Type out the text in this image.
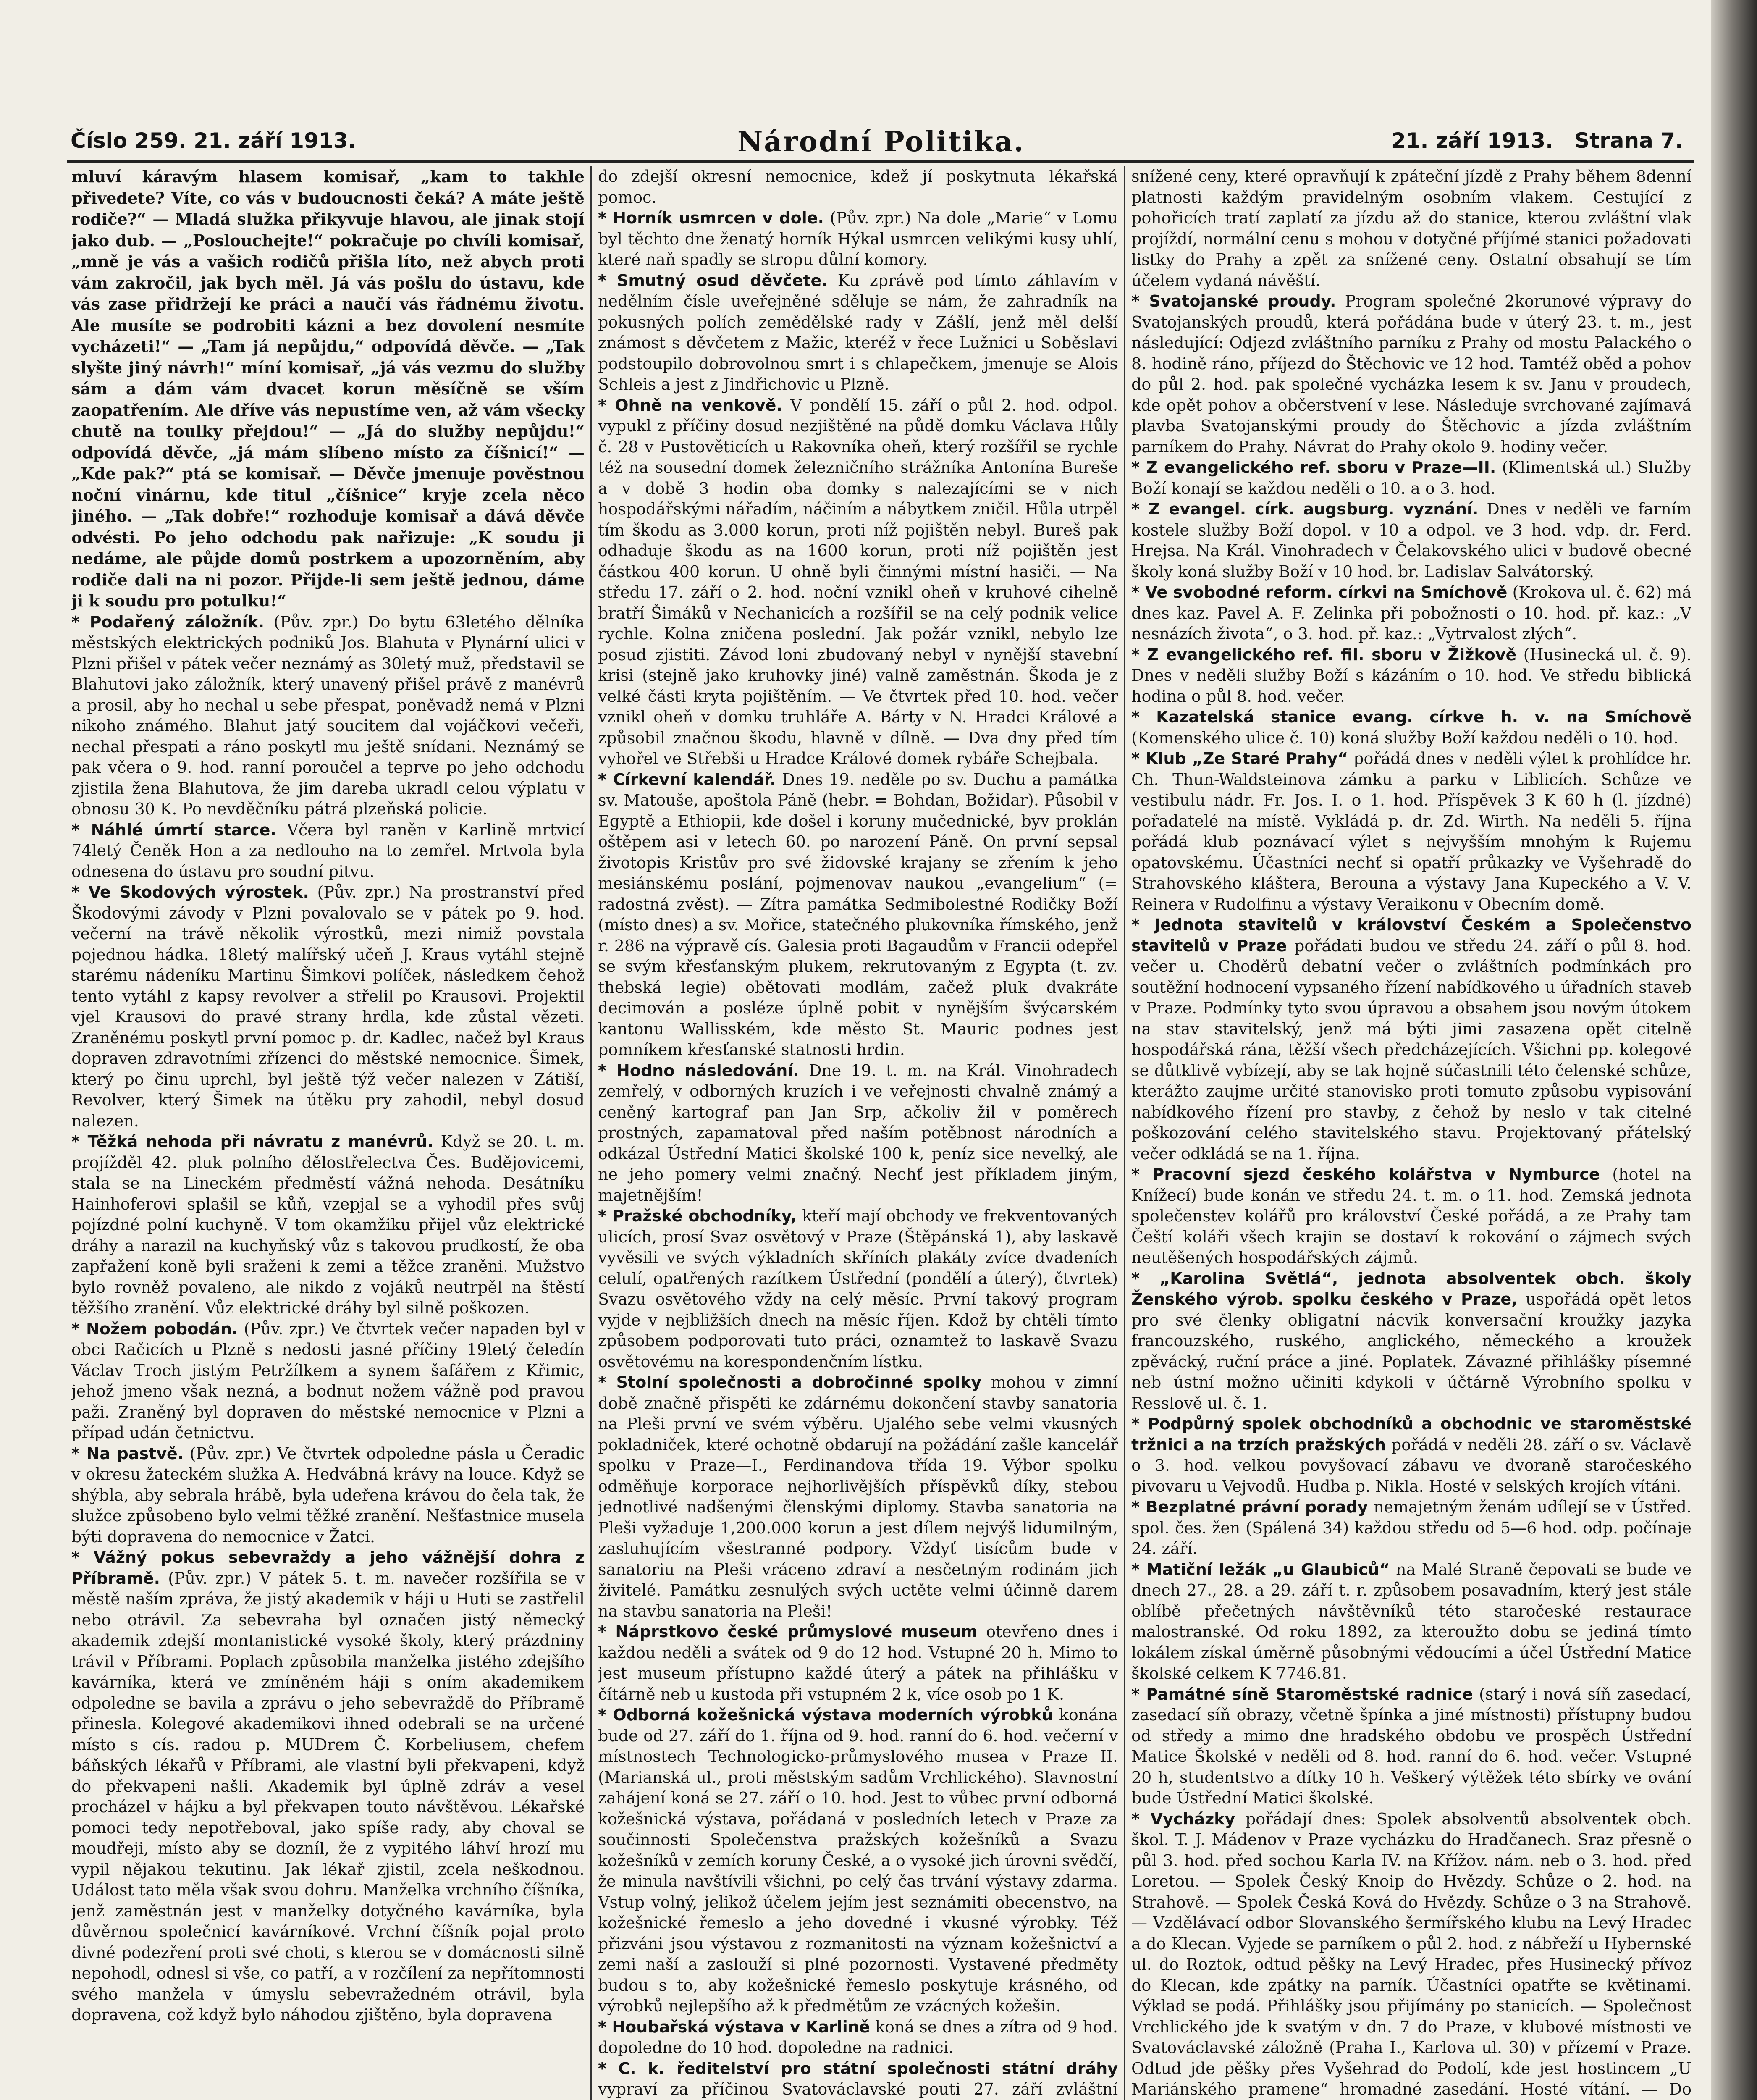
Číslo 259. 21. září 1913.	Národní Politika.	21. září 1913. Strana 7.

mluví káravým hlasem komisař, „kam to takhle přivedete? Víte, co vás v budoucnosti čeká? A máte ještě rodiče?“ — Mladá služka přikyvuje hlavou, ale jinak stojí jako dub. — „Poslouchejte!“ pokračuje po chvíli komisař, „mně je vás a vašich rodičů přišla líto, než abych proti vám zakročil, jak bych měl. Já vás pošlu do ústavu, kde vás zase přidržejí ke práci a naučí vás řádnému životu. Ale musíte se podrobiti kázni a bez dovolení nesmíte vycházeti!“ — „Tam já nepůjdu,“ odpovídá děvče. — „Tak slyšte jiný návrh!“ míní komisař, „já vás vezmu do služby sám a dám vám dvacet korun měsíčně se vším zaopatřením. Ale dříve vás nepustíme ven, až vám všecky chutě na toulky přejdou!“ — „Já do služby nepůjdu!“ odpovídá děvče, „já mám slíbeno místo za číšnicí!“ — „Kde pak?“ ptá se komisař. — Děvče jmenuje pověstnou noční vinárnu, kde titul „číšnice“ kryje zcela něco jiného. — „Tak dobře!“ rozhoduje komisař a dává děvče odvésti. Po jeho odchodu pak nařizuje: „K soudu ji nedáme, ale půjde domů postrkem a upozorněním, aby rodiče dali na ni pozor. Přijde-li sem ještě jednou, dáme ji k soudu pro potulku!“

* Podařený záložník. (Pův. zpr.) Do bytu 63letého dělníka městských elektrických podniků Jos. Blahuta v Plynární ulici v Plzni přišel v pátek večer neznámý as 30letý muž, představil se Blahutovi jako záložník, který unavený přišel právě z manévrů a prosil, aby ho nechal u sebe přespat, poněvadž nemá v Plzni nikoho známého. Blahut jatý soucitem dal vojáčkovi večeři, nechal přespati a ráno poskytl mu ještě snídani. Neznámý se pak včera o 9. hod. ranní poroučel a teprve po jeho odchodu zjistila žena Blahutova, že jim dareba ukradl celou výplatu v obnosu 30 K. Po nevděčníku pátrá plzeňská policie.

* Náhlé úmrtí starce. Včera byl raněn v Karlině mrtvicí 74letý Čeněk Hon a za nedlouho na to zemřel. Mrtvola byla odnesena do ústavu pro soudní pitvu.

* Ve Skodových výrostek. (Pův. zpr.) Na prostranství před Škodovými závody v Plzni povalovalo se v pátek po 9. hod. večerní na trávě několik výrostků, mezi nimiž povstala pojednou hádka. 18letý malířský učeň J. Kraus vytáhl stejně starému nádeníku Martinu Šimkovi políček, následkem čehož tento vytáhl z kapsy revolver a střelil po Krausovi. Projektil vjel Krausovi do pravé strany hrdla, kde zůstal vězeti. Zraněnému poskytl první pomoc p. dr. Kadlec, načež byl Kraus dopraven zdravotními zřízenci do městské nemocnice. Šimek, který po činu uprchl, byl ještě týž večer nalezen v Zátiší, Revolver, který Šimek na útěku pry zahodil, nebyl dosud nalezen.

* Těžká nehoda při návratu z manévrů. Když se 20. t. m. projížděl 42. pluk polního dělostřelectva Čes. Budějovicemi, stala se na Lineckém předměstí vážná nehoda. Desátníku Hainhoferovi splašil se kůň, vzepjal se a vyhodil přes svůj pojízdné polní kuchyně. V tom okamžiku přijel vůz elektrické dráhy a narazil na kuchyňský vůz s takovou prudkostí, že oba zapřažení koně byli sraženi k zemi a těžce zraněni. Mužstvo bylo rovněž povaleno, ale nikdo z vojáků neutrpěl na štěstí těžšího zranění. Vůz elektrické dráhy byl silně poškozen.

* Nožem pobodán. (Pův. zpr.) Ve čtvrtek večer napaden byl v obci Račicích u Plzně s nedosti jasné příčiny 19letý čeledín Václav Troch jistým Petržílkem a synem šafářem z Křimic, jehož jmeno však nezná, a bodnut nožem vážně pod pravou paži. Zraněný byl dopraven do městské nemocnice v Plzni a případ udán četnictvu.

* Na pastvě. (Pův. zpr.) Ve čtvrtek odpoledne pásla u Čeradic v okresu žateckém služka A. Hedvábná krávy na louce. Když se shýbla, aby sebrala hrábě, byla udeřena krávou do čela tak, že služce způsobeno bylo velmi těžké zranění. Nešťastnice musela býti dopravena do nemocnice v Žatci.

* Vážný pokus sebevraždy a jeho vážnější dohra z Příbramě. (Pův. zpr.) V pátek 5. t. m. navečer rozšířila se v městě naším zpráva, že jistý akademik v háji u Huti se zastřelil nebo otrávil. Za sebevraha byl označen jistý německý akademik zdejší montanistické vysoké školy, který prázdniny trávil v Příbrami. Poplach způsobila manželka jistého zdejšího kavárníka, která ve zmíněném háji s oním akademikem odpoledne se bavila a zprávu o jeho sebevraždě do Příbramě přinesla. Kolegové akademikovi ihned odebrali se na určené místo s cís. radou p. MUDrem Č. Korbeliusem, chefem báňských lékařů v Příbrami, ale vlastní byli překvapeni, když do překvapeni našli. Akademik byl úplně zdráv a vesel procházel v hájku a byl překvapen touto návštěvou. Lékařské pomoci tedy nepotřeboval, jako spíše rady, aby choval se moudřeji, místo aby se dozníl, že z vypitého láhví hrozí mu vypil nějakou tekutinu. Jak lékař zjistil, zcela neškodnou. Událost tato měla však svou dohru. Manželka vrchního číšníka, jenž zaměstnán jest v manželky dotyčného kavárníka, byla důvěrnou společnicí kavárníkové. Vrchní číšník pojal proto divné podezření proti své choti, s kterou se v domácnosti silně nepohodl, odnesl si vše, co patří, a v rozčílení za nepřítomnosti svého manžela v úmyslu sebevražedném otrávil, byla dopravena, což když bylo náhodou zjištěno, byla dopravena

do zdejší okresní nemocnice, kdež jí poskytnuta lékařská pomoc.

* Horník usmrcen v dole. (Pův. zpr.) Na dole „Marie“ v Lomu byl těchto dne ženatý horník Hýkal usmrcen velikými kusy uhlí, které naň spadly se stropu důlní komory.

* Smutný osud děvčete. Ku zprávě pod tímto záhlavím v nedělním čísle uveřejněné sděluje se nám, že zahradník na pokusných polích zemědělské rady v Zášlí, jenž měl delší známost s děvčetem z Mažic, kteréž v řece Lužnici u Soběslavi podstoupilo dobrovolnou smrt i s chlapečkem, jmenuje se Alois Schleis a jest z Jindřichovic u Plzně.

* Ohně na venkově. V pondělí 15. září o půl 2. hod. odpol. vypukl z příčiny dosud nezjištěné na půdě domku Václava Hůly č. 28 v Pustověticích u Rakovníka oheň, který rozšířil se rychle též na sousední domek železničního strážníka Antonína Bureše a v době 3 hodin oba domky s nalezajícími se v nich hospodářskými nářadím, náčiním a nábytkem zničil. Hůla utrpěl tím škodu as 3.000 korun, proti níž pojištěn nebyl. Bureš pak odhaduje škodu as na 1600 korun, proti níž pojištěn jest částkou 400 korun. U ohně byli činnými místní hasiči. — Na středu 17. září o 2. hod. noční vznikl oheň v kruhové cihelně bratří Šimáků v Nechanicích a rozšířil se na celý podnik velice rychle. Kolna zničena poslední. Jak požár vznikl, nebylo lze posud zjistiti. Závod loni zbudovaný nebyl v nynější stavební krisi (stejně jako kruhovky jiné) valně zaměstnán. Škoda je z velké části kryta pojištěním. — Ve čtvrtek před 10. hod. večer vznikl oheň v domku truhláře A. Bárty v N. Hradci Králové a způsobil značnou škodu, hlavně v dílně. — Dva dny před tím vyhořel ve Střebši u Hradce Králové domek rybáře Schejbala.

* Církevní kalendář. Dnes 19. neděle po sv. Duchu a památka sv. Matouše, apoštola Páně (hebr. = Bohdan, Božidar). Působil v Egyptě a Ethiopii, kde došel i koruny mučednické, byv proklán oštěpem asi v letech 60. po narození Páně. On první sepsal životopis Kristův pro své židovské krajany se zřením k jeho mesiánskému poslání, pojmenovav naukou „evangelium“ (= radostná zvěst). — Zítra památka Sedmibolestné Rodičky Boží (místo dnes) a sv. Mořice, statečného plukovníka římského, jenž r. 286 na výpravě cís. Galesia proti Bagaudům v Francii odepřel se svým křesťanským plukem, rekrutovaným z Egypta (t. zv. thebská legie) obětovati modlám, začež pluk dvakráte decimován a posléze úplně pobit v nynějším švýcarském kantonu Wallisském, kde město St. Mauric podnes jest pomníkem křesťanské statnosti hrdin.

* Hodno následování. Dne 19. t. m. na Král. Vinohradech zemřelý, v odborných kruzích i ve veřejnosti chvalně známý a ceněný kartograf pan Jan Srp, ačkoliv žil v poměrech prostných, zapamatoval před naším potěbnost národních a odkázal Ústřední Matici školské 100 k, peníz sice nevelký, ale ne jeho pomery velmi značný. Nechť jest příkladem jiným, majetnějším!

* Pražské obchodníky, kteří mají obchody ve frekventovaných ulicích, prosí Svaz osvětový v Praze (Štěpánská 1), aby laskavě vyvěsili ve svých výkladních skříních plakáty zvíce dvadeních celulí, opatřených razítkem Ústřední (pondělí a úterý), čtvrtek) Svazu osvětového vždy na celý měsíc. První takový program vyjde v nejbližších dnech na měsíc říjen. Kdož by chtěli tímto způsobem podporovati tuto práci, oznamtež to laskavě Svazu osvětovému na korespondenčním lístku.

* Stolní společnosti a dobročinné spolky mohou v zimní době značně přispěti ke zdárnému dokončení stavby sanatoria na Pleši první ve svém výběru. Ujalého sebe velmi vkusných pokladniček, které ochotně obdarují na požádání zašle kancelář spolku v Praze—I., Ferdinandova třída 19. Výbor spolku odměňuje korporace nejhorlivějších příspěvků díky, stebou jednotlivé nadšenými členskými diplomy. Stavba sanatoria na Pleši vyžaduje 1,200.000 korun a jest dílem nejvýš lidumilným, zasluhujícím všestranné podpory. Vždyť tisícům bude v sanatoriu na Pleši vráceno zdraví a nesčetným rodinám jich živitelé. Památku zesnulých svých uctěte velmi účinně darem na stavbu sanatoria na Pleši!

* Náprstkovo české průmyslové museum otevřeno dnes i každou neděli a svátek od 9 do 12 hod. Vstupné 20 h. Mimo to jest museum přístupno každé úterý a pátek na přihlášku v čítárně neb u kustoda při vstupném 2 k, více osob po 1 K.

* Odborná kožešnická výstava moderních výrobků konána bude od 27. září do 1. října od 9. hod. ranní do 6. hod. večerní v místnostech Technologicko-průmyslového musea v Praze II. (Marianská ul., proti městským sadům Vrchlického). Slavnostní zahájení koná se 27. září o 10. hod. Jest to vůbec první odborná kožešnická výstava, pořádaná v posledních letech v Praze za součinnosti Společenstva pražských kožešníků a Svazu kožešníků v zemích koruny České, a o vysoké jich úrovni svědčí, že minula navštívili všichni, po celý čas trvání výstavy zdarma. Vstup volný, jelikož účelem jejím jest seznámiti obecenstvo, na kožešnické řemeslo a jeho dovedné i vkusné výrobky. Též přizváni jsou výstavou z rozmanitosti na význam kožešnictví a zemi naší a zaslouží si plné pozornosti. Vystavené předměty budou s to, aby kožešnické řemeslo poskytuje krásného, od výrobků nejlepšího až k předmětům ze vzácných kožešin.

* Houbařská výstava v Karlině koná se dnes a zítra od 9 hod. dopoledne do 10 hod. dopoledne na radnici.

* C. k. ředitelství pro státní společnosti státní dráhy vypraví za příčinou Svatováclavské pouti 27. září zvláštní

snížené ceny, které opravňují k zpáteční jízdě z Prahy během 8denní platnosti každým pravidelným osobním vlakem. Cestující z pohořicích tratí zaplatí za jízdu až do stanice, kterou zvláštní vlak projíždí, normální cenu s mohou v dotyčné příjímé stanici požadovati listky do Prahy a zpět za snížené ceny. Ostatní obsahují se tím účelem vydaná návěští.

* Svatojanské proudy. Program společné 2korunové výpravy do Svatojanských proudů, která pořádána bude v úterý 23. t. m., jest následující: Odjezd zvláštního parníku z Prahy od mostu Palackého o 8. hodině ráno, příjezd do Štěchovic ve 12 hod. Tamtéž oběd a pohov do půl 2. hod. pak společné vycházka lesem k sv. Janu v proudech, kde opět pohov a občerstvení v lese. Následuje svrchované zajímavá plavba Svatojanskými proudy do Štěchovic a jízda zvláštním parníkem do Prahy. Návrat do Prahy okolo 9. hodiny večer.

* Z evangelického ref. sboru v Praze—II. (Klimentská ul.) Služby Boží konají se každou neděli o 10. a o 3. hod.

* Z evangel. círk. augsburg. vyznání. Dnes v neděli ve farním kostele služby Boží dopol. v 10 a odpol. ve 3 hod. vdp. dr. Ferd. Hrejsa. Na Král. Vinohradech v Čelakovského ulici v budově obecné školy koná služby Boží v 10 hod. br. Ladislav Salvátorský.

* Ve svobodné reform. církvi na Smíchově (Krokova ul. č. 62) má dnes kaz. Pavel A. F. Zelinka při pobožnosti o 10. hod. př. kaz.: „V nesnázích života“, o 3. hod. př. kaz.: „Vytrvalost zlých“.

* Z evangelického ref. fil. sboru v Žižkově (Husinecká ul. č. 9). Dnes v neděli služby Boží s kázáním o 10. hod. Ve středu biblická hodina o půl 8. hod. večer.

* Kazatelská stanice evang. církve h. v. na Smíchově (Komenského ulice č. 10) koná služby Boží každou neděli o 10. hod.

* Klub „Ze Staré Prahy“ pořádá dnes v neděli výlet k prohlídce hr. Ch. Thun-Waldsteinova zámku a parku v Liblicích. Schůze ve vestibulu nádr. Fr. Jos. I. o 1. hod. Příspěvek 3 K 60 h (l. jízdné) pořadatelé na místě. Vykládá p. dr. Zd. Wirth. Na neděli 5. října pořádá klub poznávací výlet s nejvyšším mnohým k Rujemu opatovskému. Účastníci nechť si opatří průkazky ve Vyšehradě do Strahovského kláštera, Berouna a výstavy Jana Kupeckého a V. V. Reinera v Rudolfinu a výstavy Veraikonu v Obecním domě.

* Jednota stavitelů v království Českém a Společenstvo stavitelů v Praze pořádati budou ve středu 24. září o půl 8. hod. večer u. Choděrů debatní večer o zvláštních podmínkách pro soutěžní hodnocení vypsaného řízení nabídkového u úřadních staveb v Praze. Podmínky tyto svou úpravou a obsahem jsou novým útokem na stav stavitelský, jenž má býti jimi zasazena opět citelně hospodářská rána, těžší všech předcházejících. Všichni pp. kolegové se důtklivě vybízejí, aby se tak hojně súčastnili této čelenské schůze, kterážto zaujme určité stanovisko proti tomuto způsobu vypisování nabídkového řízení pro stavby, z čehož by neslo v tak citelné poškozování celého stavitelského stavu. Projektovaný přátelský večer odkládá se na 1. října.

* Pracovní sjezd českého kolářstva v Nymburce (hotel na Knížecí) bude konán ve středu 24. t. m. o 11. hod. Zemská jednota společenstev kolářů pro království České pořádá, a ze Prahy tam Čeští koláři všech krajin se dostaví k rokování o zájmech svých neutěšených hospodářských zájmů.

* „Karolina Světlá“, jednota absolventek obch. školy Ženského výrob. spolku českého v Praze, uspořádá opět letos pro své členky obligatní nácvik konversační kroužky jazyka francouzského, ruského, anglického, německého a kroužek zpěvácký, ruční práce a jiné. Poplatek. Závazné přihlášky písemné neb ústní možno učiniti kdykoli v účtárně Výrobního spolku v Resslově ul. č. 1.

* Podpůrný spolek obchodníků a obchodnic ve staroměstské tržnici a na trzích pražských pořádá v neděli 28. září o sv. Václavě o 3. hod. velkou povyšovací zábavu ve dvoraně staročeského pivovaru u Vejvodů. Hudba p. Nikla. Hosté v selských krojích vítáni.

* Bezplatné právní porady nemajetným ženám udílejí se v Ústřed. spol. čes. žen (Spálená 34) každou středu od 5—6 hod. odp. počínaje 24. září.

* Matiční ležák „u Glaubiců“ na Malé Straně čepovati se bude ve dnech 27., 28. a 29. září t. r. způsobem posavadním, který jest stále oblíbě přečetných návštěvníků této staročeské restaurace malostranské. Od roku 1892, za kteroužto dobu se jediná tímto lokálem získal úměrně působnými vědoucími a účel Ústřední Matice školské celkem K 7746.81.

* Památné síně Staroměstské radnice (starý i nová síň zasedací, zasedací síň obrazy, včetně špínka a jiné místnosti) přístupny budou od středy a mimo dne hradského obdobu ve prospěch Ústřední Matice Školské v neděli od 8. hod. ranní do 6. hod. večer. Vstupné 20 h, studentstvo a dítky 10 h. Veškerý výtěžek této sbírky ve ování bude Ústřední Matici školské.

* Vycházky pořádají dnes: Spolek absolventů absolventek obch. škol. T. J. Mádenov v Praze vycházku do Hradčanech. Sraz přesně o půl 3. hod. před sochou Karla IV. na Křížov. nám. neb o 3. hod. před Loretou. — Spolek Český Knoip do Hvězdy. Schůze o 2. hod. na Strahově. — Spolek Česká Ková do Hvězdy. Schůze o 3 na Strahově. — Vzdělávací odbor Slovanského šermířského klubu na Levý Hradec a do Klecan. Vyjede se parníkem o půl 2. hod. z nábřeží u Hybernské ul. do Roztok, odtud pěšky na Levý Hradec, přes Husinecký přívoz do Klecan, kde zpátky na parník. Účastníci opatřte se květinami. Výklad se podá. Přihlášky jsou přijímány po stanicích. — Společnost Vrchlického jde k svatým v dn. 7 do Praze, v klubové místnosti ve Svatováclavské záložně (Praha I., Karlova ul. 30) v přízemí v Praze. Odtud jde pěšky přes Vyšehrad do Podolí, kde jest hostincem „U Mariánského pramene“ hromadné zasedání. Hosté vítání. — Do
